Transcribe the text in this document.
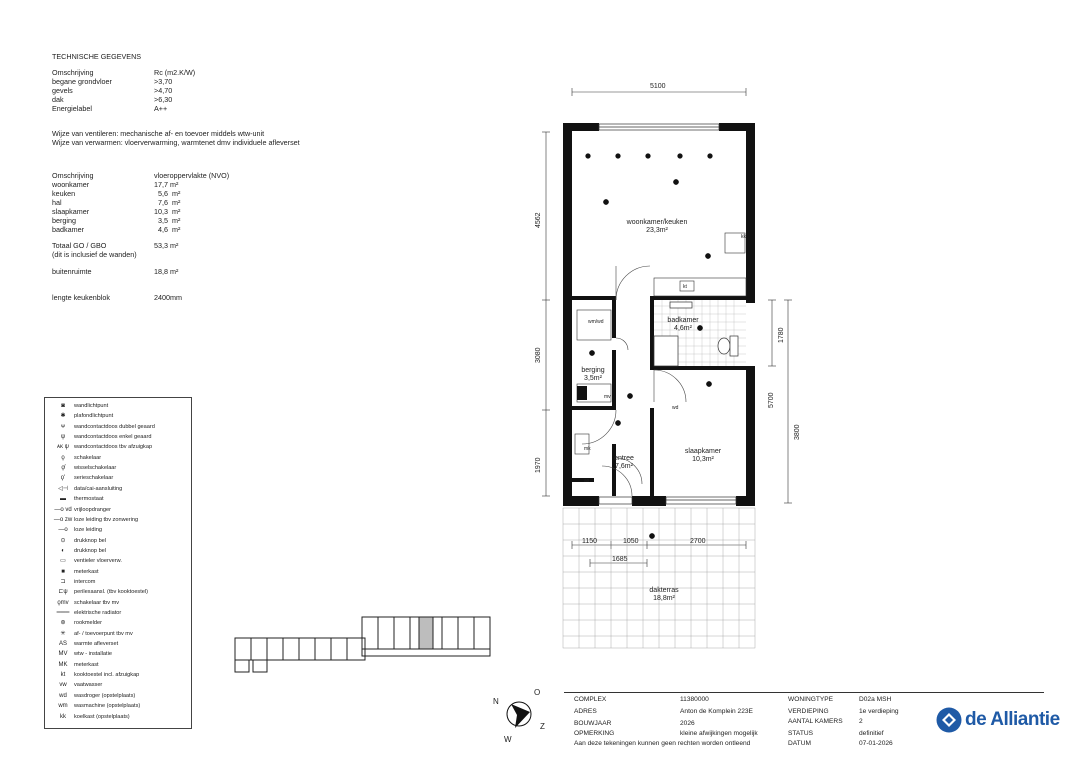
TECHNISCHE GEGEVENS
Omschrijving	Rc (m2.K/W)
begane grondvloer	>3,70
gevels	>4,70
dak	>6,30
Energielabel	A++
Wijze van ventileren: mechanische af- en toevoer middels wtw-unit
Wijze van verwarmen: vloerverwarming, warmtenet dmv individuele afleverset
Omschrijving	vloeroppervlakte (NVO)
woonkamer	17,7 m²
keuken	5,6  m²
hal	7,6  m²
slaapkamer	10,3  m²
berging	3,5  m²
badkamer	4,6  m²
Totaal GO / GBO	53,3 m²
(dit is inclusief de wanden)
buitenruimte	18,8 m²
lengte keukenblok	2400mm
◙	wandlichtpunt
✱	plafondlichtpunt
ᴪ	wandcontactdoos dubbel geaard
ψ	wandcontactdoos enkel geaard
ᴀᴋ ψ wandcontactdoos tbv afzuigkap
ϙ	schakelaar
ϙ̸	wisselschakelaar
ϙ'	serieschakelaar
◁⊣	data/cai-aansluiting
▬	thermostaat
—o vd vrijloopdranger
—o zw loze leiding tbv zonwering
—o	loze leiding
⊙	drukknop bel
◐	drukknop bel
▭	ventieler vloerverw.
■	meterkast
⊐	intercom
⊏ψ	perilexaansl. (tbv kooktoestel)
ϙmv schakelaar tbv mv
═══ elektrische radiator
⊛	rookmelder
✳	af- / toevoerpunt tbv mv
AS	warmte afleverset
MV	wtw - installatie
MK	meterkast
kt	kooktoestel incl. afzuigkap
vw	vaatwasser
wd	wasdroger (opstelplaats)
wm	wasmachine (opstelplaats)
kk	koelkast (opstelplaats)
5100
4562
3080
1970
1780
5700
3800
1150	1050	2700
1685
woonkamer/keuken
23,3m²
badkamer
4,6m²
berging
3,5m²
slaapkamer
10,3m²
entree
7,6m²
dakterras
18,8m²
kk
wm/wd
mk
as
mv
kt
wd
N
O
Z
W
COMPLEX	11380000
ADRES	Anton de Komplein 223E
BOUWJAAR	2026
OPMERKING	kleine afwijkingen mogelijk
Aan deze tekeningen kunnen geen rechten worden ontleend
WONINGTYPE	D02a MSH
VERDIEPING	1e verdieping
AANTAL KAMERS 2
STATUS	definitief
DATUM	07-01-2026
de Alliantie
